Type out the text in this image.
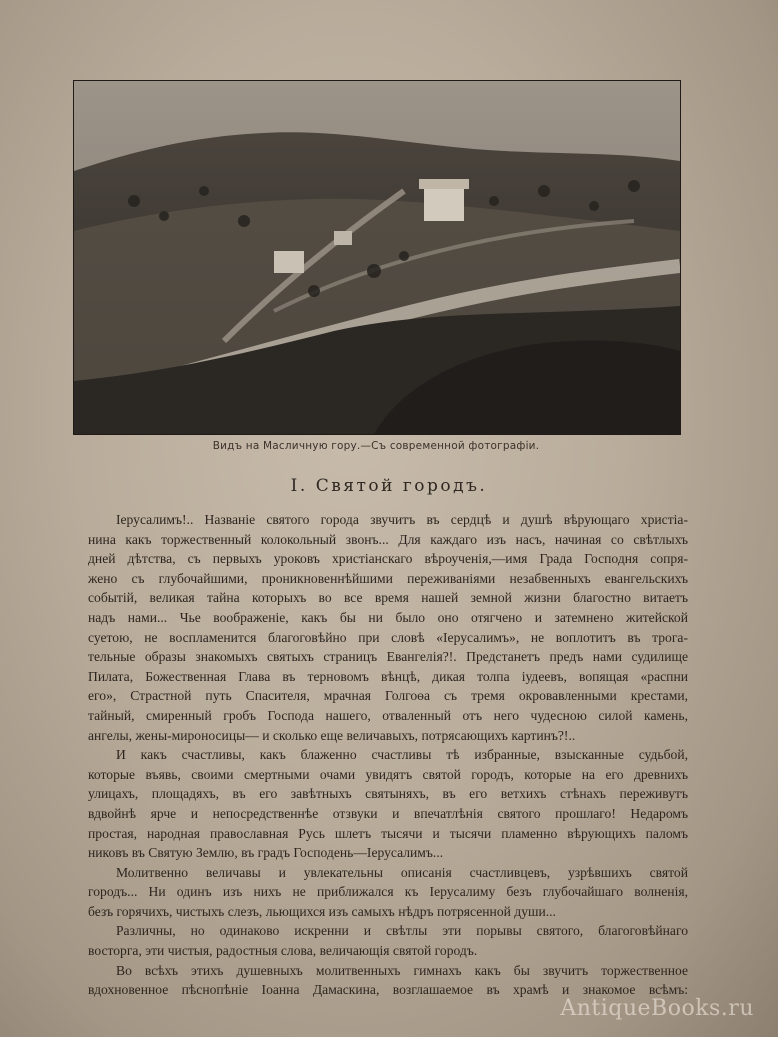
Видъ на Масличную гору.—Съ современной фотографіи.
I. Святой городъ.
Іерусалимъ!.. Названіе святого города звучитъ въ сердцѣ и душѣ вѣрующаго христіа-
нина какъ торжественный колокольный звонъ... Для каждаго изъ насъ, начиная со свѣтлыхъ
дней дѣтства, съ первыхъ уроковъ христіанскаго вѣроученія,—имя Града Господня сопря-
жено съ глубочайшими, проникновеннѣйшими переживаніями незабвенныхъ евангельскихъ
событій, великая тайна которыхъ во все время нашей земной жизни благостно витаетъ
надъ нами... Чье воображеніе, какъ бы ни было оно отягчено и затемнено житейской
суетою, не воспламенится благоговѣйно при словѣ «Іерусалимъ», не воплотитъ въ трога-
тельные образы знакомыхъ святыхъ страницъ Евангелія?!. Предстанетъ предъ нами судилище
Пилата, Божественная Глава въ терновомъ вѣнцѣ, дикая толпа іудеевъ, вопящая «распни
его», Страстной путь Спасителя, мрачная Голгоѳа съ тремя окровавленными крестами,
тайный, смиренный гробъ Господа нашего, отваленный отъ него чудесною силой камень,
ангелы, жены-мироносицы— и сколько еще величавыхъ, потрясающихъ картинъ?!..
И какъ счастливы, какъ блаженно счастливы тѣ избранные, взысканные судьбой,
которые въявь, своими смертными очами увидятъ святой городъ, которые на его древнихъ
улицахъ, площадяхъ, въ его завѣтныхъ святыняхъ, въ его ветхихъ стѣнахъ переживутъ
вдвойнѣ ярче и непосредственнѣе отзвуки и впечатлѣнія святого прошлаго! Недаромъ
простая, народная православная Русь шлетъ тысячи и тысячи пламенно вѣрующихъ паломъ
никовъ въ Святую Землю, въ градъ Господень—Іерусалимъ...
Молитвенно величавы и увлекательны описанія счастливцевъ, узрѣвшихъ святой
городъ... Ни одинъ изъ нихъ не приближался къ Іерусалиму безъ глубочайшаго волненія,
безъ горячихъ, чистыхъ слезъ, льющихся изъ самыхъ нѣдръ потрясенной души...
Различны, но одинаково искренни и свѣтлы эти порывы святого, благоговѣйнаго
восторга, эти чистыя, радостныя слова, величающія святой городъ.
Во всѣхъ этихъ душевныхъ молитвенныхъ гимнахъ какъ бы звучитъ торжественное
вдохновенное пѣснопѣніе Іоанна Дамаскина, возглашаемое въ храмѣ и знакомое всѣмъ:
AntiqueBooks.ru
